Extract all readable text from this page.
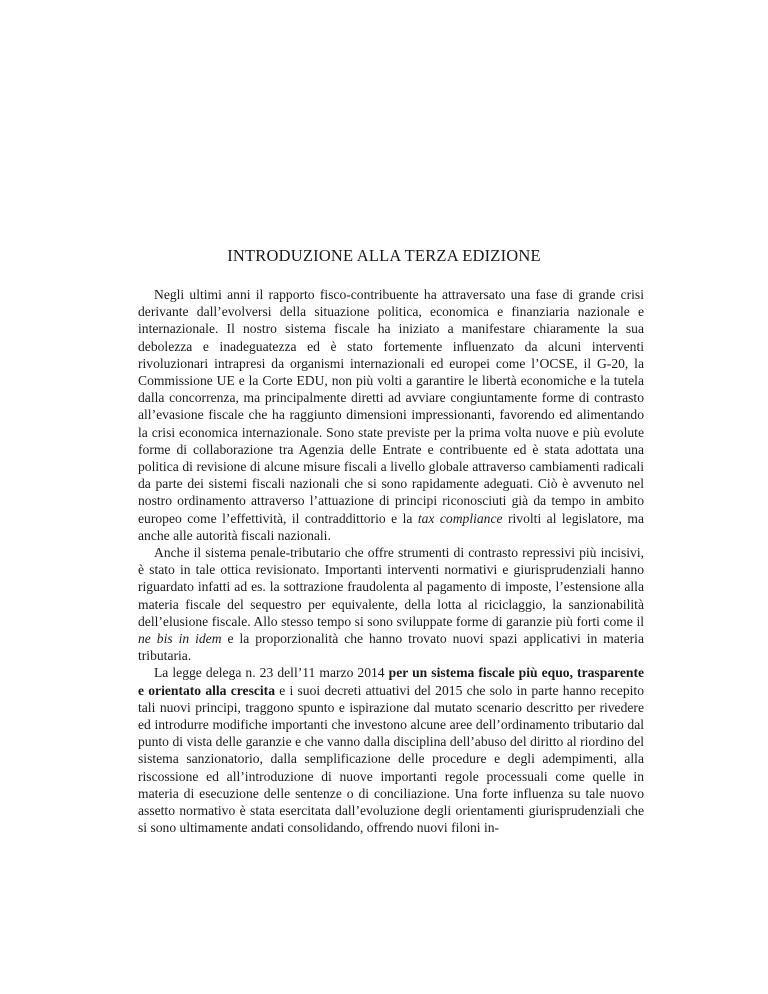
INTRODUZIONE ALLA TERZA EDIZIONE

Negli ultimi anni il rapporto fisco-contribuente ha attraversato una fase di grande crisi derivante dall’evolversi della situazione politica, economica e finanziaria nazionale e internazionale. Il nostro sistema fiscale ha iniziato a manifestare chiaramente la sua debolezza e inadeguatezza ed è stato fortemente influenzato da alcuni interventi rivoluzionari intrapresi da organismi internazionali ed europei come l’OCSE, il G-20, la Commissione UE e la Corte EDU, non più volti a garantire le libertà economiche e la tutela dalla concorrenza, ma principalmente diretti ad avviare congiuntamente forme di contrasto all’evasione fiscale che ha raggiunto dimensioni impressionanti, favorendo ed alimentando la crisi economica internazionale. Sono state previste per la prima volta nuove e più evolute forme di collaborazione tra Agenzia delle Entrate e contribuente ed è stata adottata una politica di revisione di alcune misure fiscali a livello globale attraverso cambiamenti radicali da parte dei sistemi fiscali nazionali che si sono rapidamente adeguati. Ciò è avvenuto nel nostro ordinamento attraverso l’attuazione di principi riconosciuti già da tempo in ambito europeo come l’effettività, il contraddittorio e la tax compliance rivolti al legislatore, ma anche alle autorità fiscali nazionali.

Anche il sistema penale-tributario che offre strumenti di contrasto repressivi più incisivi, è stato in tale ottica revisionato. Importanti interventi normativi e giurisprudenziali hanno riguardato infatti ad es. la sottrazione fraudolenta al pagamento di imposte, l’estensione alla materia fiscale del sequestro per equivalente, della lotta al riciclaggio, la sanzionabilità dell’elusione fiscale. Allo stesso tempo si sono sviluppate forme di garanzie più forti come il ne bis in idem e la proporzionalità che hanno trovato nuovi spazi applicativi in materia tributaria.

La legge delega n. 23 dell’11 marzo 2014 per un sistema fiscale più equo, trasparente e orientato alla crescita e i suoi decreti attuativi del 2015 che solo in parte hanno recepito tali nuovi principi, traggono spunto e ispirazione dal mutato scenario descritto per rivedere ed introdurre modifiche importanti che investono alcune aree dell’ordinamento tributario dal punto di vista delle garanzie e che vanno dalla disciplina dell’abuso del diritto al riordino del sistema sanzionatorio, dalla semplificazione delle procedure e degli adempimenti, alla riscossione ed all’introduzione di nuove importanti regole processuali come quelle in materia di esecuzione delle sentenze o di conciliazione. Una forte influenza su tale nuovo assetto normativo è stata esercitata dall’evoluzione degli orientamenti giurisprudenziali che si sono ultimamente andati consolidando, offrendo nuovi filoni in-
